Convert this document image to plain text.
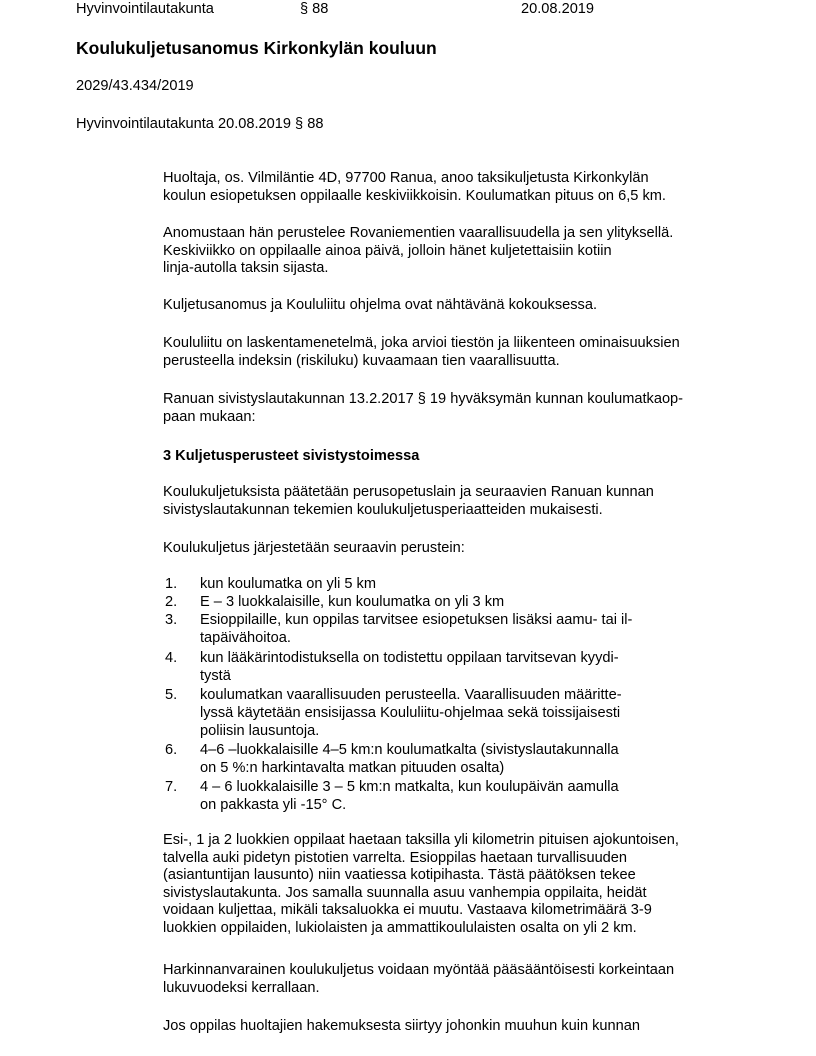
Hyvinvointilautakunta	§ 88	20.08.2019
Koulukuljetusanomus Kirkonkylän kouluun
2029/43.434/2019
Hyvinvointilautakunta 20.08.2019 § 88
Huoltaja, os. Vilmiläntie 4D, 97700 Ranua, anoo taksikuljetusta Kirkonkylän
koulun esiopetuksen oppilaalle keskiviikkoisin. Koulumatkan pituus on 6,5 km.
Anomustaan hän perustelee Rovaniementien vaarallisuudella ja sen ylityksellä.
Keskiviikko on oppilaalle ainoa päivä, jolloin hänet kuljetettaisiin kotiin
linja-autolla taksin sijasta.
Kuljetusanomus ja Koululiitu ohjelma ovat nähtävänä kokouksessa.
Koululiitu on laskentamenetelmä, joka arvioi tiestön ja liikenteen ominaisuuksien
perusteella indeksin (riskiluku) kuvaamaan tien vaarallisuutta.
Ranuan sivistyslautakunnan 13.2.2017 § 19 hyväksymän kunnan koulumatkaop-
paan mukaan:
3 Kuljetusperusteet sivistystoimessa
Koulukuljetuksista päätetään perusopetuslain ja seuraavien Ranuan kunnan
sivistyslautakunnan tekemien koulukuljetusperiaatteiden mukaisesti.
Koulukuljetus järjestetään seuraavin perustein:
1. kun koulumatka on yli 5 km
2. E – 3 luokkalaisille, kun koulumatka on yli 3 km
3. Esioppilaille, kun oppilas tarvitsee esiopetuksen lisäksi aamu- tai il-
tapäivähoitoa.
4. kun lääkärintodistuksella on todistettu oppilaan tarvitsevan kyydi-
tystä
5. koulumatkan vaarallisuuden perusteella. Vaarallisuuden määritte-
lyssä käytetään ensisijassa Koululiitu-ohjelmaa sekä toissijaisesti
poliisin lausuntoja.
6. 4–6 –luokkalaisille 4–5 km:n koulumatkalta (sivistyslautakunnalla
on 5 %:n harkintavalta matkan pituuden osalta)
7. 4 – 6 luokkalaisille 3 – 5 km:n matkalta, kun koulupäivän aamulla
on pakkasta yli -15° C.
Esi-, 1 ja 2 luokkien oppilaat haetaan taksilla yli kilometrin pituisen ajokuntoisen,
talvella auki pidetyn pistotien varrelta. Esioppilas haetaan turvallisuuden
(asiantuntijan lausunto) niin vaatiessa kotipihasta. Tästä päätöksen tekee
sivistyslautakunta. Jos samalla suunnalla asuu vanhempia oppilaita, heidät
voidaan kuljettaa, mikäli taksaluokka ei muutu. Vastaava kilometrimäärä 3-9
luokkien oppilaiden, lukiolaisten ja ammattikoululaisten osalta on yli 2 km.
Harkinnanvarainen koulukuljetus voidaan myöntää pääsääntöisesti korkeintaan
lukuvuodeksi kerrallaan.
Jos oppilas huoltajien hakemuksesta siirtyy johonkin muuhun kuin kunnan
